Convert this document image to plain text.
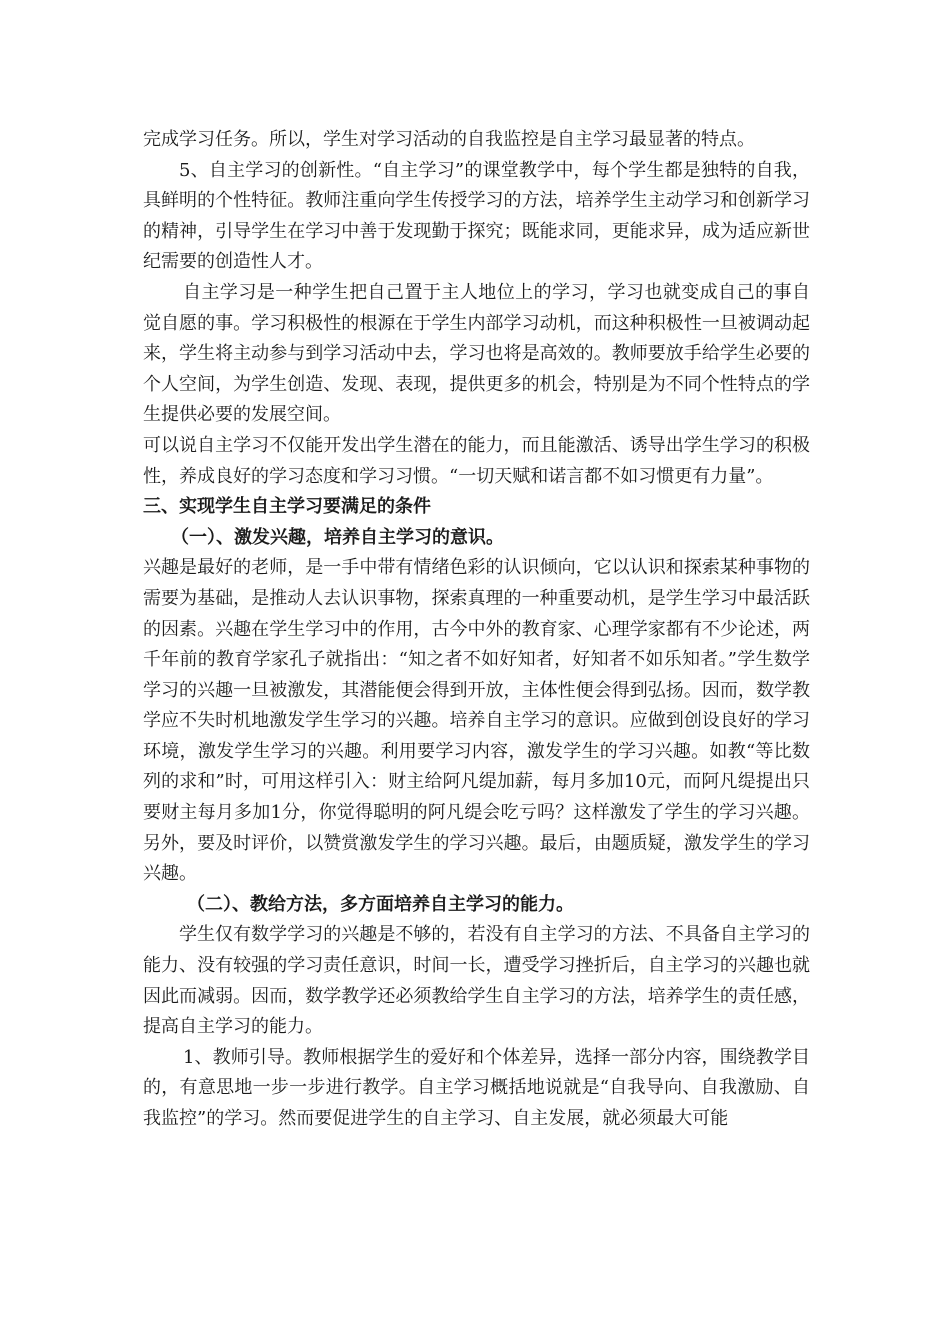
完成学习任务。所以，学生对学习活动的自我监控是自主学习最显著的特点。

5、自主学习的创新性。“自主学习”的课堂教学中，每个学生都是独特的自我，具鲜明的个性特征。教师注重向学生传授学习的方法，培养学生主动学习和创新学习的精神，引导学生在学习中善于发现勤于探究；既能求同，更能求异，成为适应新世纪需要的创造性人才。

自主学习是一种学生把自己置于主人地位上的学习，学习也就变成自己的事自觉自愿的事。学习积极性的根源在于学生内部学习动机，而这种积极性一旦被调动起来，学生将主动参与到学习活动中去，学习也将是高效的。教师要放手给学生必要的个人空间，为学生创造、发现、表现，提供更多的机会，特别是为不同个性特点的学生提供必要的发展空间。

可以说自主学习不仅能开发出学生潜在的能力，而且能激活、诱导出学生学习的积极性，养成良好的学习态度和学习习惯。“一切天赋和诺言都不如习惯更有力量”。

三、实现学生自主学习要满足的条件

（一）、激发兴趣，培养自主学习的意识。

兴趣是最好的老师，是一手中带有情绪色彩的认识倾向，它以认识和探索某种事物的需要为基础，是推动人去认识事物，探索真理的一种重要动机，是学生学习中最活跃的因素。兴趣在学生学习中的作用，古今中外的教育家、心理学家都有不少论述，两千年前的教育学家孔子就指出：“知之者不如好知者，好知者不如乐知者。”学生数学学习的兴趣一旦被激发，其潜能便会得到开放，主体性便会得到弘扬。因而，数学教学应不失时机地激发学生学习的兴趣。培养自主学习的意识。应做到创设良好的学习环境，激发学生学习的兴趣。利用要学习内容，激发学生的学习兴趣。如教“等比数列的求和”时，可用这样引入：财主给阿凡缇加薪，每月多加10元，而阿凡缇提出只要财主每月多加1分，你觉得聪明的阿凡缇会吃亏吗？这样激发了学生的学习兴趣。另外，要及时评价，以赞赏激发学生的学习兴趣。最后，由题质疑，激发学生的学习兴趣。

（二）、教给方法，多方面培养自主学习的能力。

学生仅有数学学习的兴趣是不够的，若没有自主学习的方法、不具备自主学习的能力、没有较强的学习责任意识，时间一长，遭受学习挫折后，自主学习的兴趣也就因此而减弱。因而，数学教学还必须教给学生自主学习的方法，培养学生的责任感，提高自主学习的能力。

1、教师引导。教师根据学生的爱好和个体差异，选择一部分内容，围绕教学目的，有意思地一步一步进行教学。自主学习概括地说就是“自我导向、自我激励、自我监控”的学习。然而要促进学生的自主学习、自主发展，就必须最大可能
